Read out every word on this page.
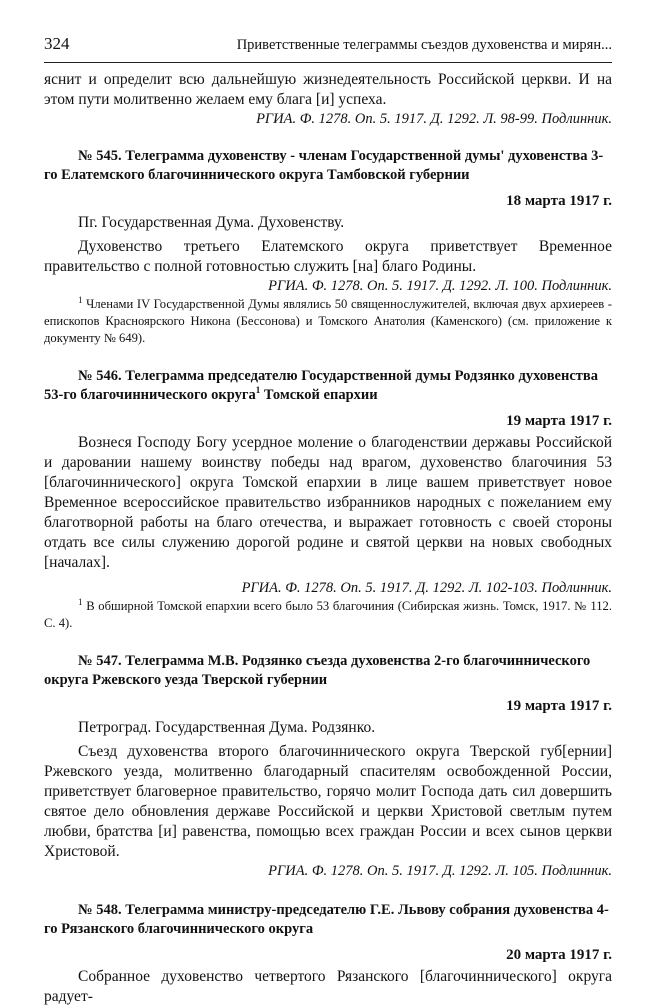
324	Приветственные телеграммы съездов духовенства и мирян...

яснит и определит всю дальнейшую жизнедеятельность Российской церкви. И на этом пути молитвенно желаем ему блага [и] успеха.

РГИА. Ф. 1278. Оп. 5. 1917. Д. 1292. Л. 98-99. Подлинник.

№ 545. Телеграмма духовенству - членам Государственной думы' духовенства 3-го Елатемского благочиннического округа Тамбовской губернии

18 марта 1917 г.

Пг. Государственная Дума. Духовенству.

Духовенство третьего Елатемского округа приветствует Временное правительство с полной готовностью служить [на] благо Родины.

РГИА. Ф. 1278. Оп. 5. 1917. Д. 1292. Л. 100. Подлинник.

$^1$ Членами IV Государственной Думы являлись 50 священнослужителей, включая двух архиереев - епископов Красноярского Никона (Бессонова) и Томского Анатолия (Каменского) (см. приложение к документу № 649).

№ 546. Телеграмма председателю Государственной думы Родзянко духовенства 53-го благочиннического округа$^1$ Томской епархии

19 марта 1917 г.

Вознеся Господу Богу усердное моление о благоденствии державы Российской и даровании нашему воинству победы над врагом, духовенство благочиния 53 [благочиннического] округа Томской епархии в лице вашем приветствует новое Временное всероссийское правительство избранников народных с пожеланием ему благотворной работы на благо отечества, и выражает готовность с своей стороны отдать все силы служению дорогой родине и святой церкви на новых свободных [началах].

РГИА. Ф. 1278. Оп. 5. 1917. Д. 1292. Л. 102-103. Подлинник.

$^1$ В обширной Томской епархии всего было 53 благочиния (Сибирская жизнь. Томск, 1917. № 112. С. 4).

№ 547. Телеграмма М.В. Родзянко съезда духовенства 2-го благочиннического округа Ржевского уезда Тверской губернии

19 марта 1917 г.

Петроград. Государственная Дума. Родзянко.

Съезд духовенства второго благочиннического округа Тверской губ[ернии] Ржевского уезда, молитвенно благодарный спасителям освобожденной России, приветствует благоверное правительство, горячо молит Господа дать сил довершить святое дело обновления державе Российской и церкви Христовой светлым путем любви, братства [и] равенства, помощью всех граждан России и всех сынов церкви Христовой.

РГИА. Ф. 1278. Оп. 5. 1917. Д. 1292. Л. 105. Подлинник.

№ 548. Телеграмма министру-председателю Г.Е. Львову собрания духовенства 4-го Рязанского благочиннического округа

20 марта 1917 г.

Собранное духовенство четвертого Рязанского [благочиннического] округа радует-
